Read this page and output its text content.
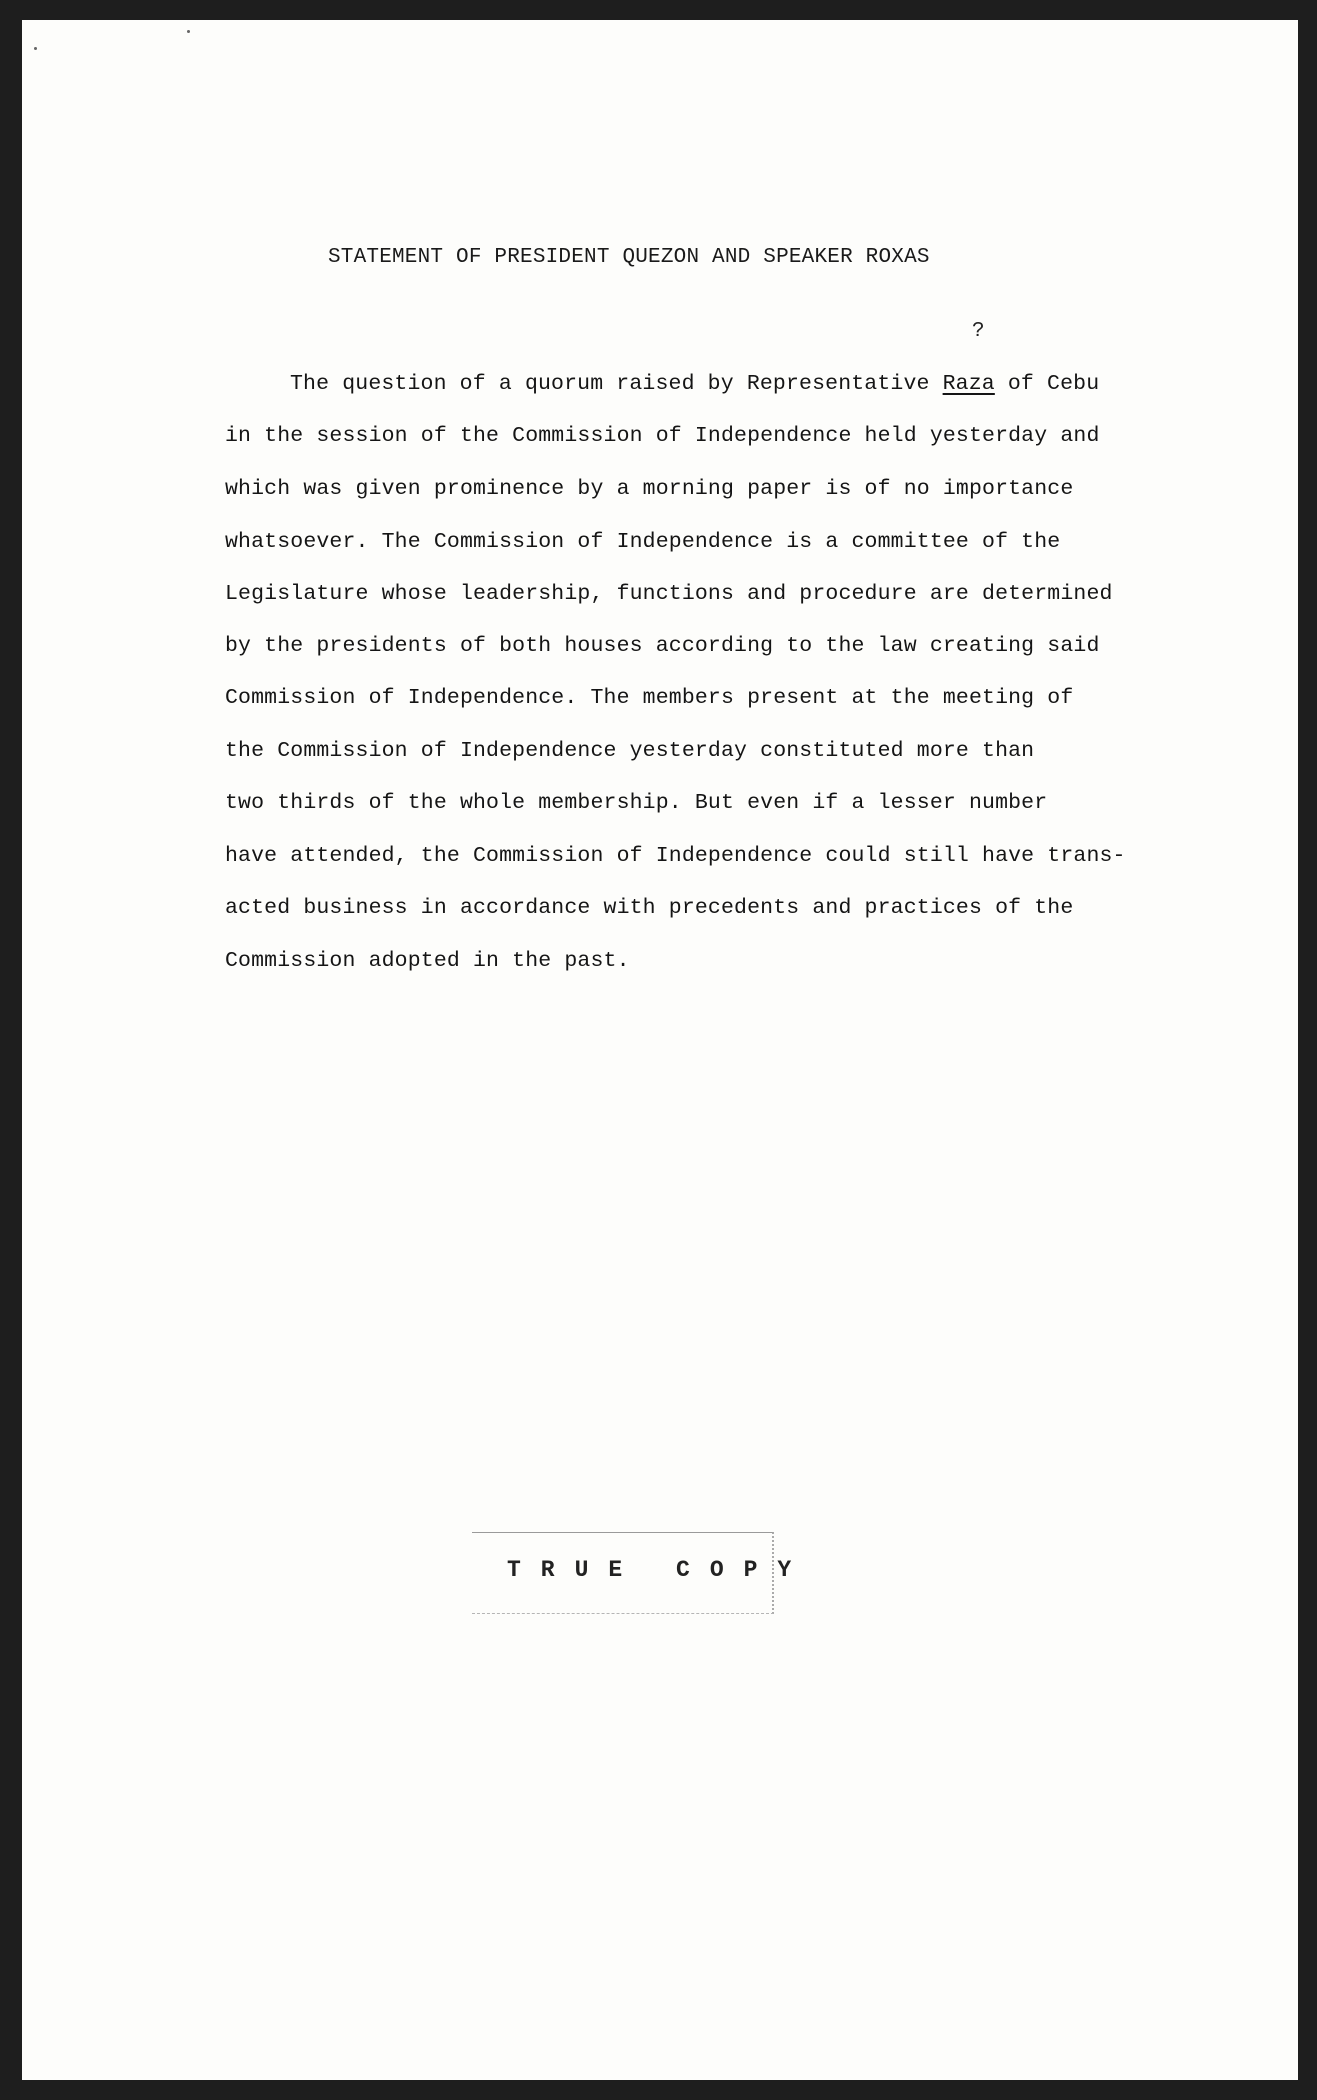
STATEMENT OF PRESIDENT QUEZON AND SPEAKER ROXAS
?
The question of a quorum raised by Representative Raza of Cebu
in the session of the Commission of Independence held yesterday and
which was given prominence by a morning paper is of no importance
whatsoever. The Commission of Independence is a committee of the
Legislature whose leadership, functions and procedure are determined
by the presidents of both houses according to the law creating said
Commission of Independence. The members present at the meeting of
the Commission of Independence yesterday constituted more than
two thirds of the whole membership. But even if a lesser number
have attended, the Commission of Independence could still have trans-
acted business in accordance with precedents and practices of the
Commission adopted in the past.
TRUE COPY
